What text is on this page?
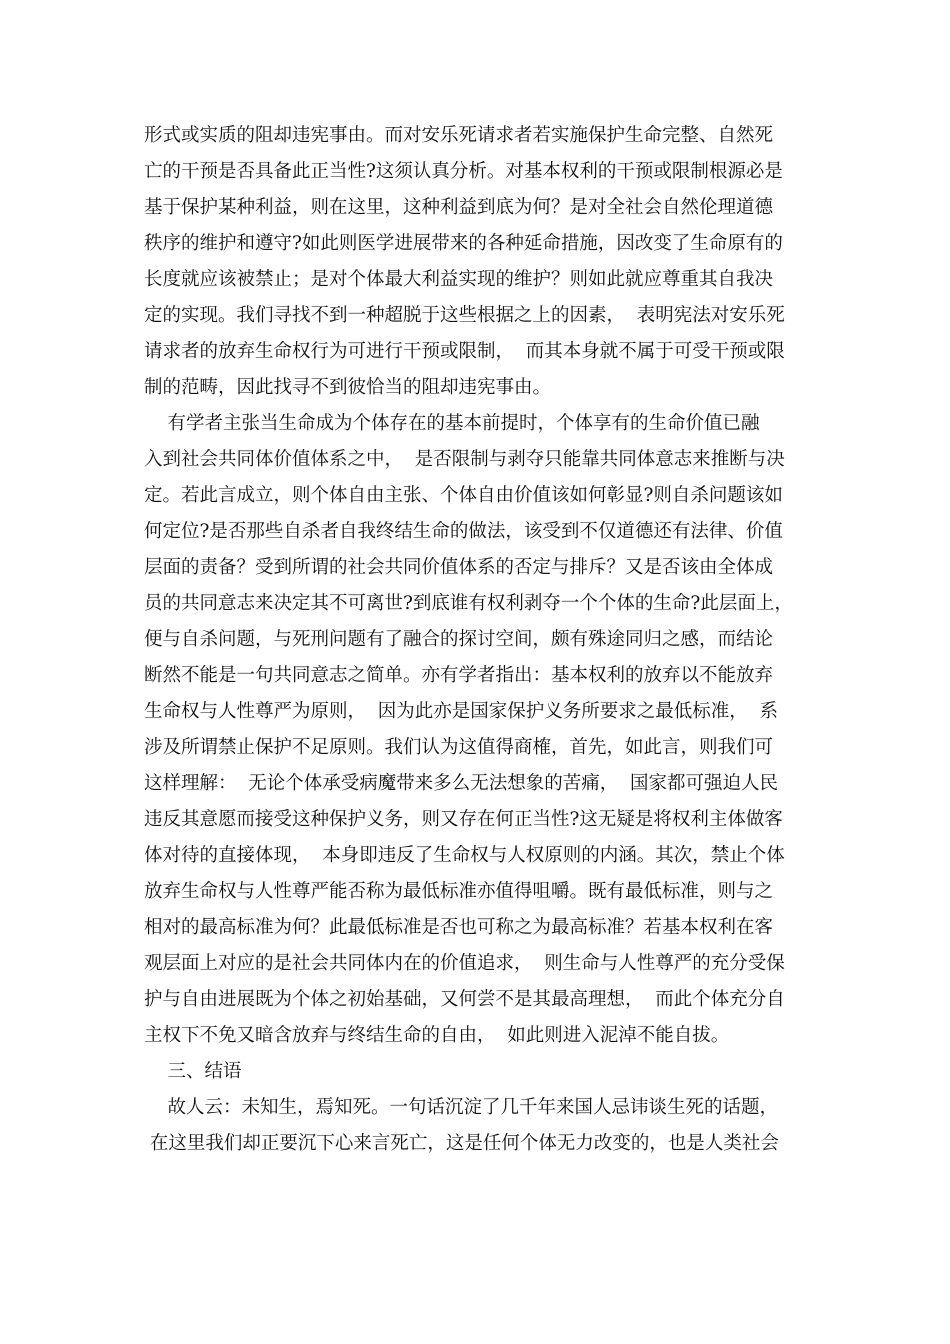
形式或实质的阻却违宪事由。而对安乐死请求者若实施保护生命完整、自然死
亡的干预是否具备此正当性?这须认真分析。对基本权利的干预或限制根源必是
基于保护某种利益，则在这里，这种利益到底为何？是对全社会自然伦理道德
秩序的维护和遵守?如此则医学进展带来的各种延命措施，因改变了生命原有的
长度就应该被禁止；是对个体最大利益实现的维护？则如此就应尊重其自我决
定的实现。我们寻找不到一种超脱于这些根据之上的因素，  表明宪法对安乐死
请求者的放弃生命权行为可进行干预或限制，  而其本身就不属于可受干预或限
制的范畴，因此找寻不到彼恰当的阻却违宪事由。
有学者主张当生命成为个体存在的基本前提时，个体享有的生命价值已融
入到社会共同体价值体系之中，  是否限制与剥夺只能靠共同体意志来推断与决
定。若此言成立，则个体自由主张、个体自由价值该如何彰显?则自杀问题该如
何定位?是否那些自杀者自我终结生命的做法，该受到不仅道德还有法律、价值
层面的责备？受到所谓的社会共同价值体系的否定与排斥？又是否该由全体成
员的共同意志来决定其不可离世?到底谁有权利剥夺一个个体的生命?此层面上，
便与自杀问题，与死刑问题有了融合的探讨空间，颇有殊途同归之感，而结论
断然不能是一句共同意志之简单。亦有学者指出：基本权利的放弃以不能放弃
生命权与人性尊严为原则，  因为此亦是国家保护义务所要求之最低标准，  系
涉及所谓禁止保护不足原则。我们认为这值得商榷，首先，如此言，则我们可
这样理解：  无论个体承受病魔带来多么无法想象的苦痛，  国家都可强迫人民
违反其意愿而接受这种保护义务，则又存在何正当性?这无疑是将权利主体做客
体对待的直接体现，  本身即违反了生命权与人权原则的内涵。其次，禁止个体
放弃生命权与人性尊严能否称为最低标准亦值得咀嚼。既有最低标准，则与之
相对的最高标准为何？此最低标准是否也可称之为最高标准？若基本权利在客
观层面上对应的是社会共同体内在的价值追求，  则生命与人性尊严的充分受保
护与自由进展既为个体之初始基础，又何尝不是其最高理想，  而此个体充分自
主权下不免又暗含放弃与终结生命的自由，  如此则进入泥淖不能自拔。
三、结语
故人云：未知生，焉知死。一句话沉淀了几千年来国人忌讳谈生死的话题，
在这里我们却正要沉下心来言死亡，这是任何个体无力改变的，也是人类社会
